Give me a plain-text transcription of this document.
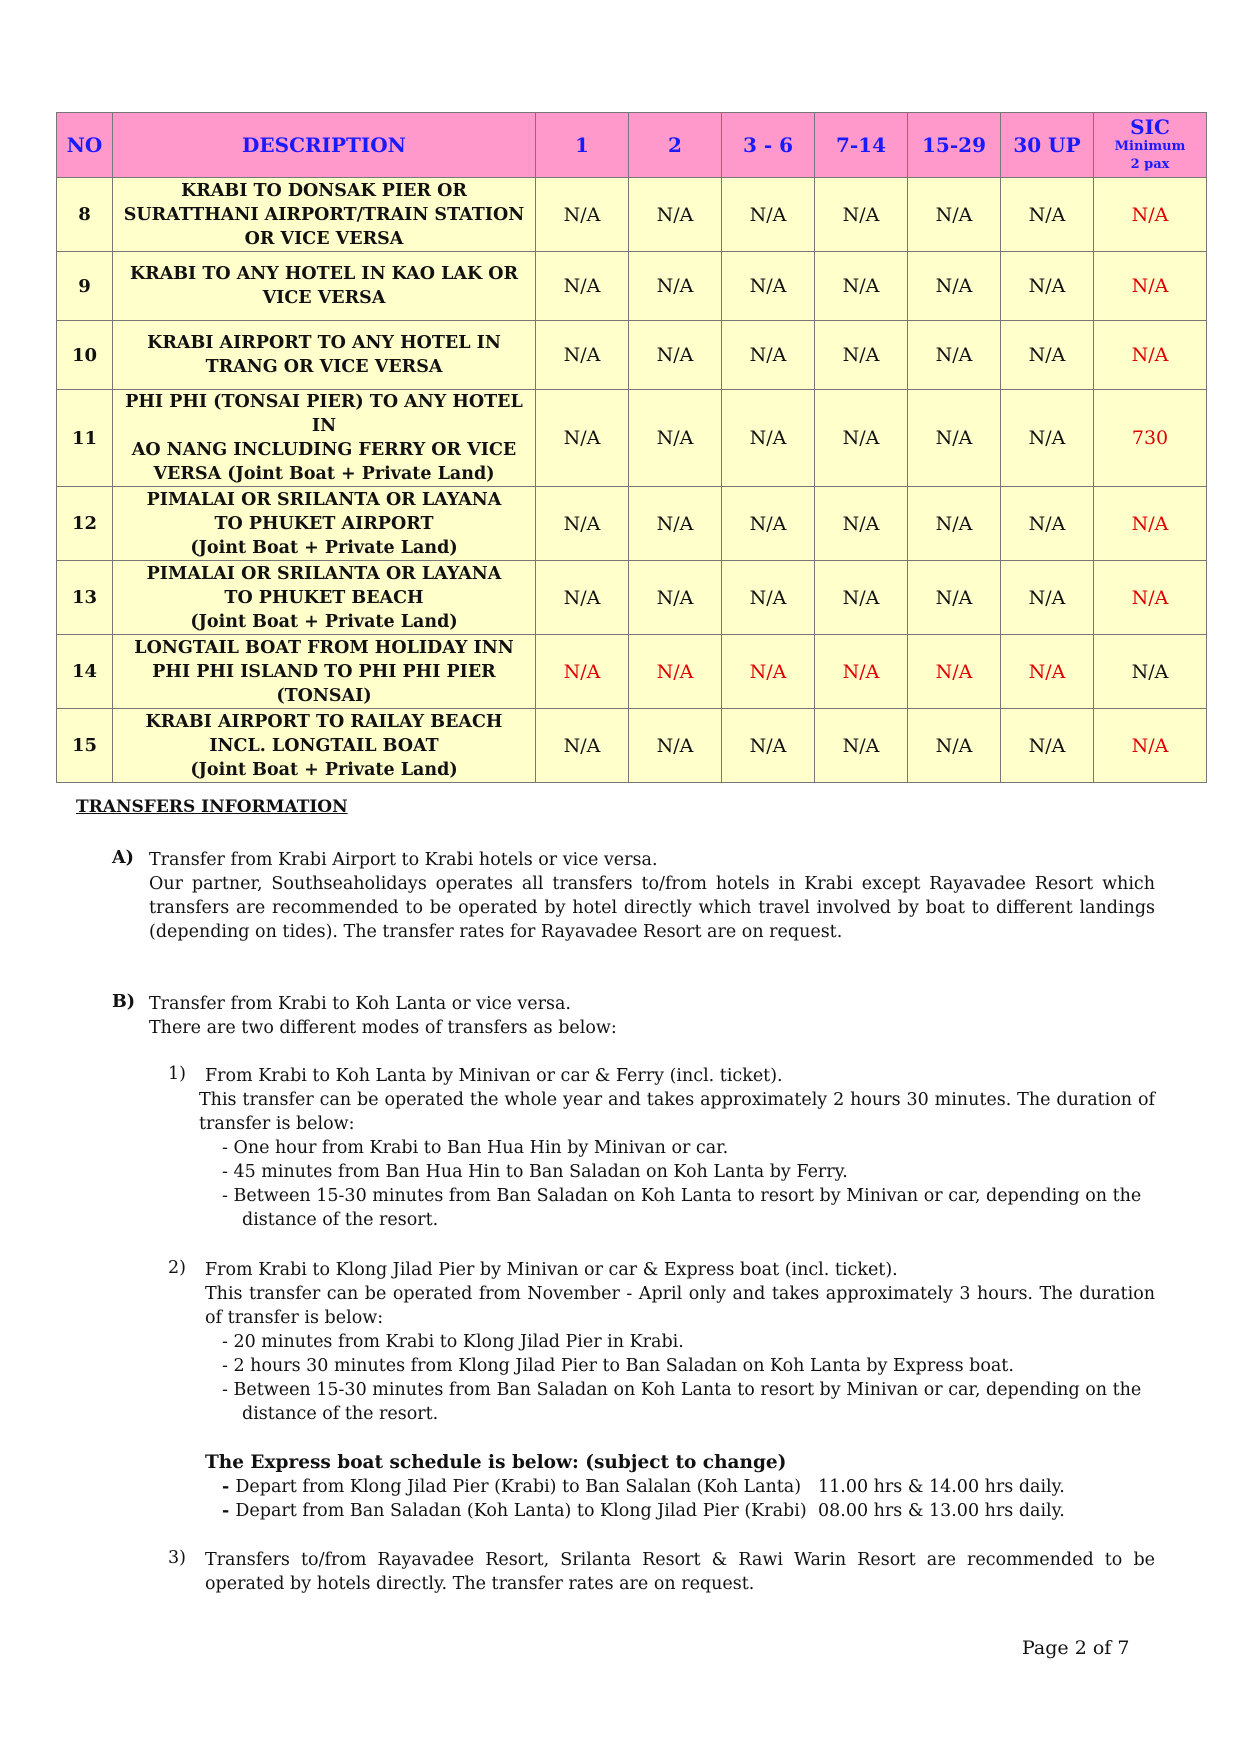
NO	DESCRIPTION	1	2	3 - 6	7-14	15-29	30 UP	SIC
Minimum
2 pax

8	KRABI TO DONSAK PIER OR
SURATTHANI AIRPORT/TRAIN STATION
OR VICE VERSA	N/A	N/A	N/A	N/A	N/A	N/A	N/A
9	KRABI TO ANY HOTEL IN KAO LAK OR
VICE VERSA	N/A	N/A	N/A	N/A	N/A	N/A	N/A
10	KRABI AIRPORT TO ANY HOTEL IN
TRANG OR VICE VERSA	N/A	N/A	N/A	N/A	N/A	N/A	N/A
11	PHI PHI (TONSAI PIER) TO ANY HOTEL IN
AO NANG INCLUDING FERRY OR VICE
VERSA (Joint Boat + Private Land)	N/A	N/A	N/A	N/A	N/A	N/A	730
12	PIMALAI OR SRILANTA OR LAYANA
TO PHUKET AIRPORT
(Joint Boat + Private Land)	N/A	N/A	N/A	N/A	N/A	N/A	N/A
13	PIMALAI OR SRILANTA OR LAYANA
TO PHUKET BEACH
(Joint Boat + Private Land)	N/A	N/A	N/A	N/A	N/A	N/A	N/A
14	LONGTAIL BOAT FROM HOLIDAY INN
PHI PHI ISLAND TO PHI PHI PIER
(TONSAI)	N/A	N/A	N/A	N/A	N/A	N/A	N/A
15	KRABI AIRPORT TO RAILAY BEACH
INCL. LONGTAIL BOAT
(Joint Boat + Private Land)	N/A	N/A	N/A	N/A	N/A	N/A	N/A
TRANSFERS INFORMATION
A) Transfer from Krabi Airport to Krabi hotels or vice versa.
Our partner, Southseaholidays operates all transfers to/from hotels in Krabi except Rayavadee Resort which transfers are recommended to be operated by hotel directly which travel involved by boat to different landings (depending on tides). The transfer rates for Rayavadee Resort are on request.
B) Transfer from Krabi to Koh Lanta or vice versa.
There are two different modes of transfers as below:
1) From Krabi to Koh Lanta by Minivan or car & Ferry (incl. ticket).
This transfer can be operated the whole year and takes approximately 2 hours 30 minutes. The duration of transfer is below:
- One hour from Krabi to Ban Hua Hin by Minivan or car.
- 45 minutes from Ban Hua Hin to Ban Saladan on Koh Lanta by Ferry.
- Between 15-30 minutes from Ban Saladan on Koh Lanta to resort by Minivan or car, depending on the
distance of the resort.
2) From Krabi to Klong Jilad Pier by Minivan or car & Express boat (incl. ticket).
This transfer can be operated from November - April only and takes approximately 3 hours. The duration of transfer is below:
- 20 minutes from Krabi to Klong Jilad Pier in Krabi.
- 2 hours 30 minutes from Klong Jilad Pier to Ban Saladan on Koh Lanta by Express boat.
- Between 15-30 minutes from Ban Saladan on Koh Lanta to resort by Minivan or car, depending on the
distance of the resort.
The Express boat schedule is below: (subject to change)
- Depart from Klong Jilad Pier (Krabi) to Ban Salalan (Koh Lanta) 11.00 hrs & 14.00 hrs daily.
- Depart from Ban Saladan (Koh Lanta) to Klong Jilad Pier (Krabi) 08.00 hrs & 13.00 hrs daily.
3) Transfers to/from Rayavadee Resort, Srilanta Resort & Rawi Warin Resort are recommended to be operated by hotels directly. The transfer rates are on request.
Page 2 of 7
